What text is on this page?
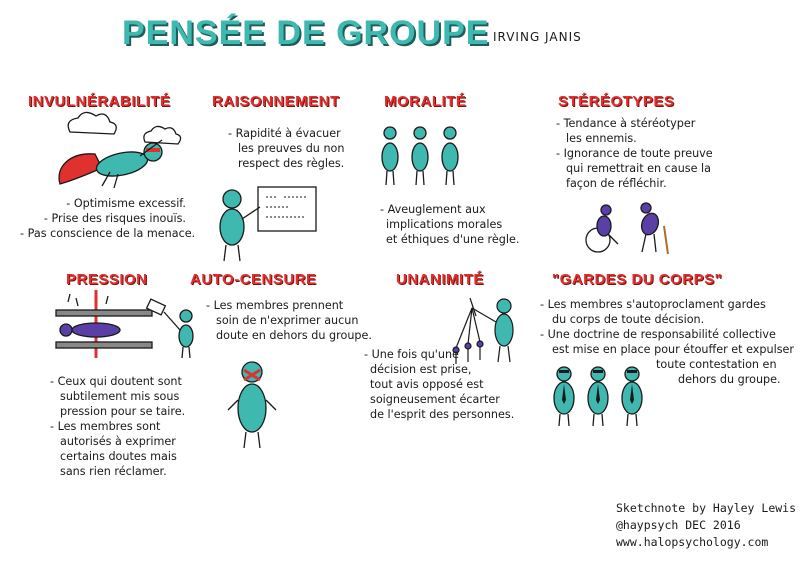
PENSÉE DE GROUPE IRVING JANIS
INVULNÉRABILITÉ
- Optimisme excessif.
- Prise des risques inouïs.
- Pas conscience de la menace.
RAISONNEMENT
- Rapidité à évacuer
les preuves du non
respect des règles.
MORALITÉ
- Aveuglement aux
implications morales
et éthiques d'une règle.
STÉRÉOTYPES
- Tendance à stéréotyper
les ennemis.
- Ignorance de toute preuve
qui remettrait en cause la
façon de réfléchir.
PRESSION
- Ceux qui doutent sont
subtilement mis sous
pression pour se taire.
- Les membres sont
autorisés à exprimer
certains doutes mais
sans rien réclamer.
AUTO-CENSURE
- Les membres prennent
soin de n'exprimer aucun
doute en dehors du groupe.
UNANIMITÉ
- Une fois qu'une
décision est prise,
tout avis opposé est
soigneusement écarter
de l'esprit des personnes.
"GARDES DU CORPS"
- Les membres s'autoproclament gardes
du corps de toute décision.
- Une doctrine de responsabilité collective
est mise en place pour étouffer et expulser
toute contestation en
dehors du groupe.
Sketchnote by Hayley Lewis
@haypsych DEC 2016
www.halopsychology.com
